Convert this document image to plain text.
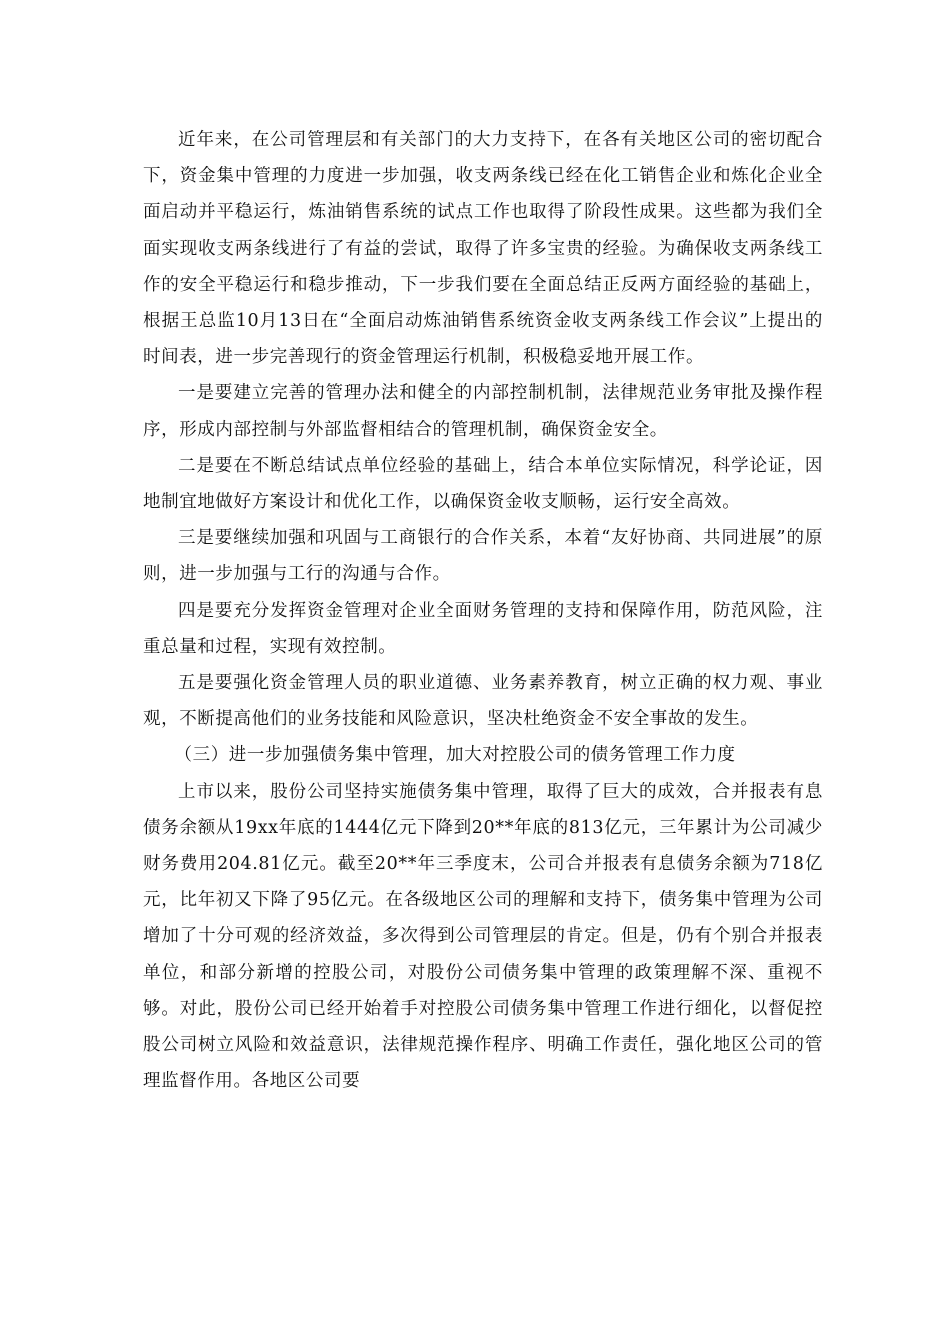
近年来，在公司管理层和有关部门的大力支持下，在各有关地区公司的密切配合下，资金集中管理的力度进一步加强，收支两条线已经在化工销售企业和炼化企业全面启动并平稳运行，炼油销售系统的试点工作也取得了阶段性成果。这些都为我们全面实现收支两条线进行了有益的尝试，取得了许多宝贵的经验。为确保收支两条线工作的安全平稳运行和稳步推动，下一步我们要在全面总结正反两方面经验的基础上，根据王总监10月13日在“全面启动炼油销售系统资金收支两条线工作会议”上提出的时间表，进一步完善现行的资金管理运行机制，积极稳妥地开展工作。

一是要建立完善的管理办法和健全的内部控制机制，法律规范业务审批及操作程序，形成内部控制与外部监督相结合的管理机制，确保资金安全。

二是要在不断总结试点单位经验的基础上，结合本单位实际情况，科学论证，因地制宜地做好方案设计和优化工作，以确保资金收支顺畅，运行安全高效。

三是要继续加强和巩固与工商银行的合作关系，本着“友好协商、共同进展”的原则，进一步加强与工行的沟通与合作。

四是要充分发挥资金管理对企业全面财务管理的支持和保障作用，防范风险，注重总量和过程，实现有效控制。

五是要强化资金管理人员的职业道德、业务素养教育，树立正确的权力观、事业观，不断提高他们的业务技能和风险意识，坚决杜绝资金不安全事故的发生。

（三）进一步加强债务集中管理，加大对控股公司的债务管理工作力度

上市以来，股份公司坚持实施债务集中管理，取得了巨大的成效，合并报表有息债务余额从19xx年底的1444亿元下降到20**年底的813亿元，三年累计为公司减少财务费用204.81亿元。截至20**年三季度末，公司合并报表有息债务余额为718亿元，比年初又下降了95亿元。在各级地区公司的理解和支持下，债务集中管理为公司增加了十分可观的经济效益，多次得到公司管理层的肯定。但是，仍有个别合并报表单位，和部分新增的控股公司，对股份公司债务集中管理的政策理解不深、重视不够。对此，股份公司已经开始着手对控股公司债务集中管理工作进行细化，以督促控股公司树立风险和效益意识，法律规范操作程序、明确工作责任，强化地区公司的管理监督作用。各地区公司要
